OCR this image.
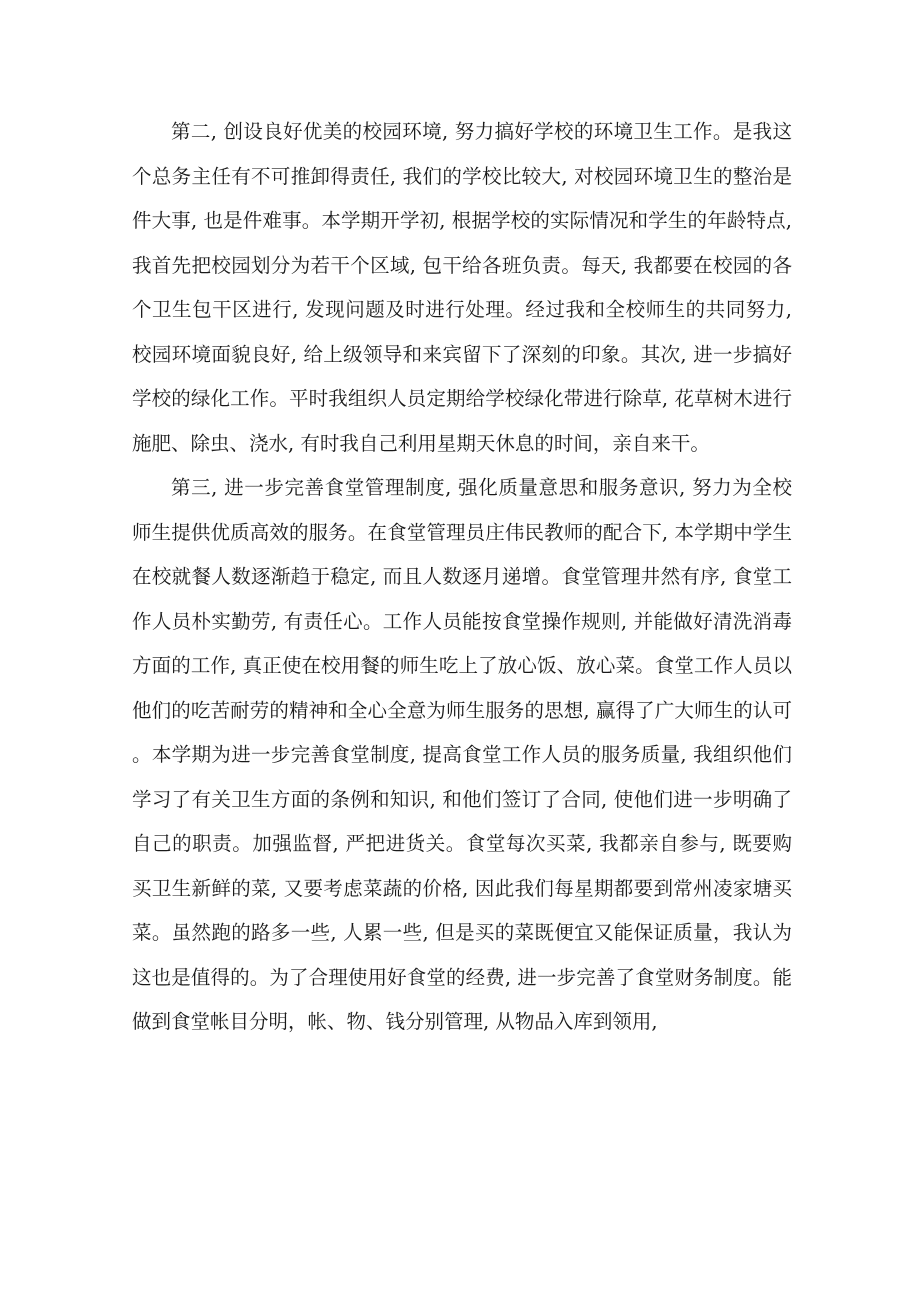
第二, 创设良好优美的校园环境, 努力搞好学校的环境卫生工作。是我这个总务主任有不可推卸得责任, 我们的学校比较大, 对校园环境卫生的整治是件大事, 也是件难事。本学期开学初, 根据学校的实际情况和学生的年龄特点, 我首先把校园划分为若干个区域, 包干给各班负责。每天, 我都要在校园的各个卫生包干区进行, 发现问题及时进行处理。经过我和全校师生的共同努力, 校园环境面貌良好, 给上级领导和来宾留下了深刻的印象。其次, 进一步搞好学校的绿化工作。平时我组织人员定期给学校绿化带进行除草, 花草树木进行施肥、除虫、浇水, 有时我自己利用星期天休息的时间，亲自来干。

第三, 进一步完善食堂管理制度, 强化质量意思和服务意识, 努力为全校师生提供优质高效的服务。在食堂管理员庄伟民教师的配合下, 本学期中学生在校就餐人数逐渐趋于稳定, 而且人数逐月递增。食堂管理井然有序, 食堂工作人员朴实勤劳, 有责任心。工作人员能按食堂操作规则, 并能做好清洗消毒方面的工作, 真正使在校用餐的师生吃上了放心饭、放心菜。食堂工作人员以他们的吃苦耐劳的精神和全心全意为师生服务的思想, 赢得了广大师生的认可。本学期为进一步完善食堂制度, 提高食堂工作人员的服务质量, 我组织他们学习了有关卫生方面的条例和知识, 和他们签订了合同, 使他们进一步明确了自己的职责。加强监督, 严把进货关。食堂每次买菜, 我都亲自参与, 既要购买卫生新鲜的菜, 又要考虑菜蔬的价格, 因此我们每星期都要到常州凌家塘买菜。虽然跑的路多一些, 人累一些, 但是买的菜既便宜又能保证质量，我认为这也是值得的。为了合理使用好食堂的经费, 进一步完善了食堂财务制度。能做到食堂帐目分明，帐、物、钱分别管理, 从物品入库到领用,
